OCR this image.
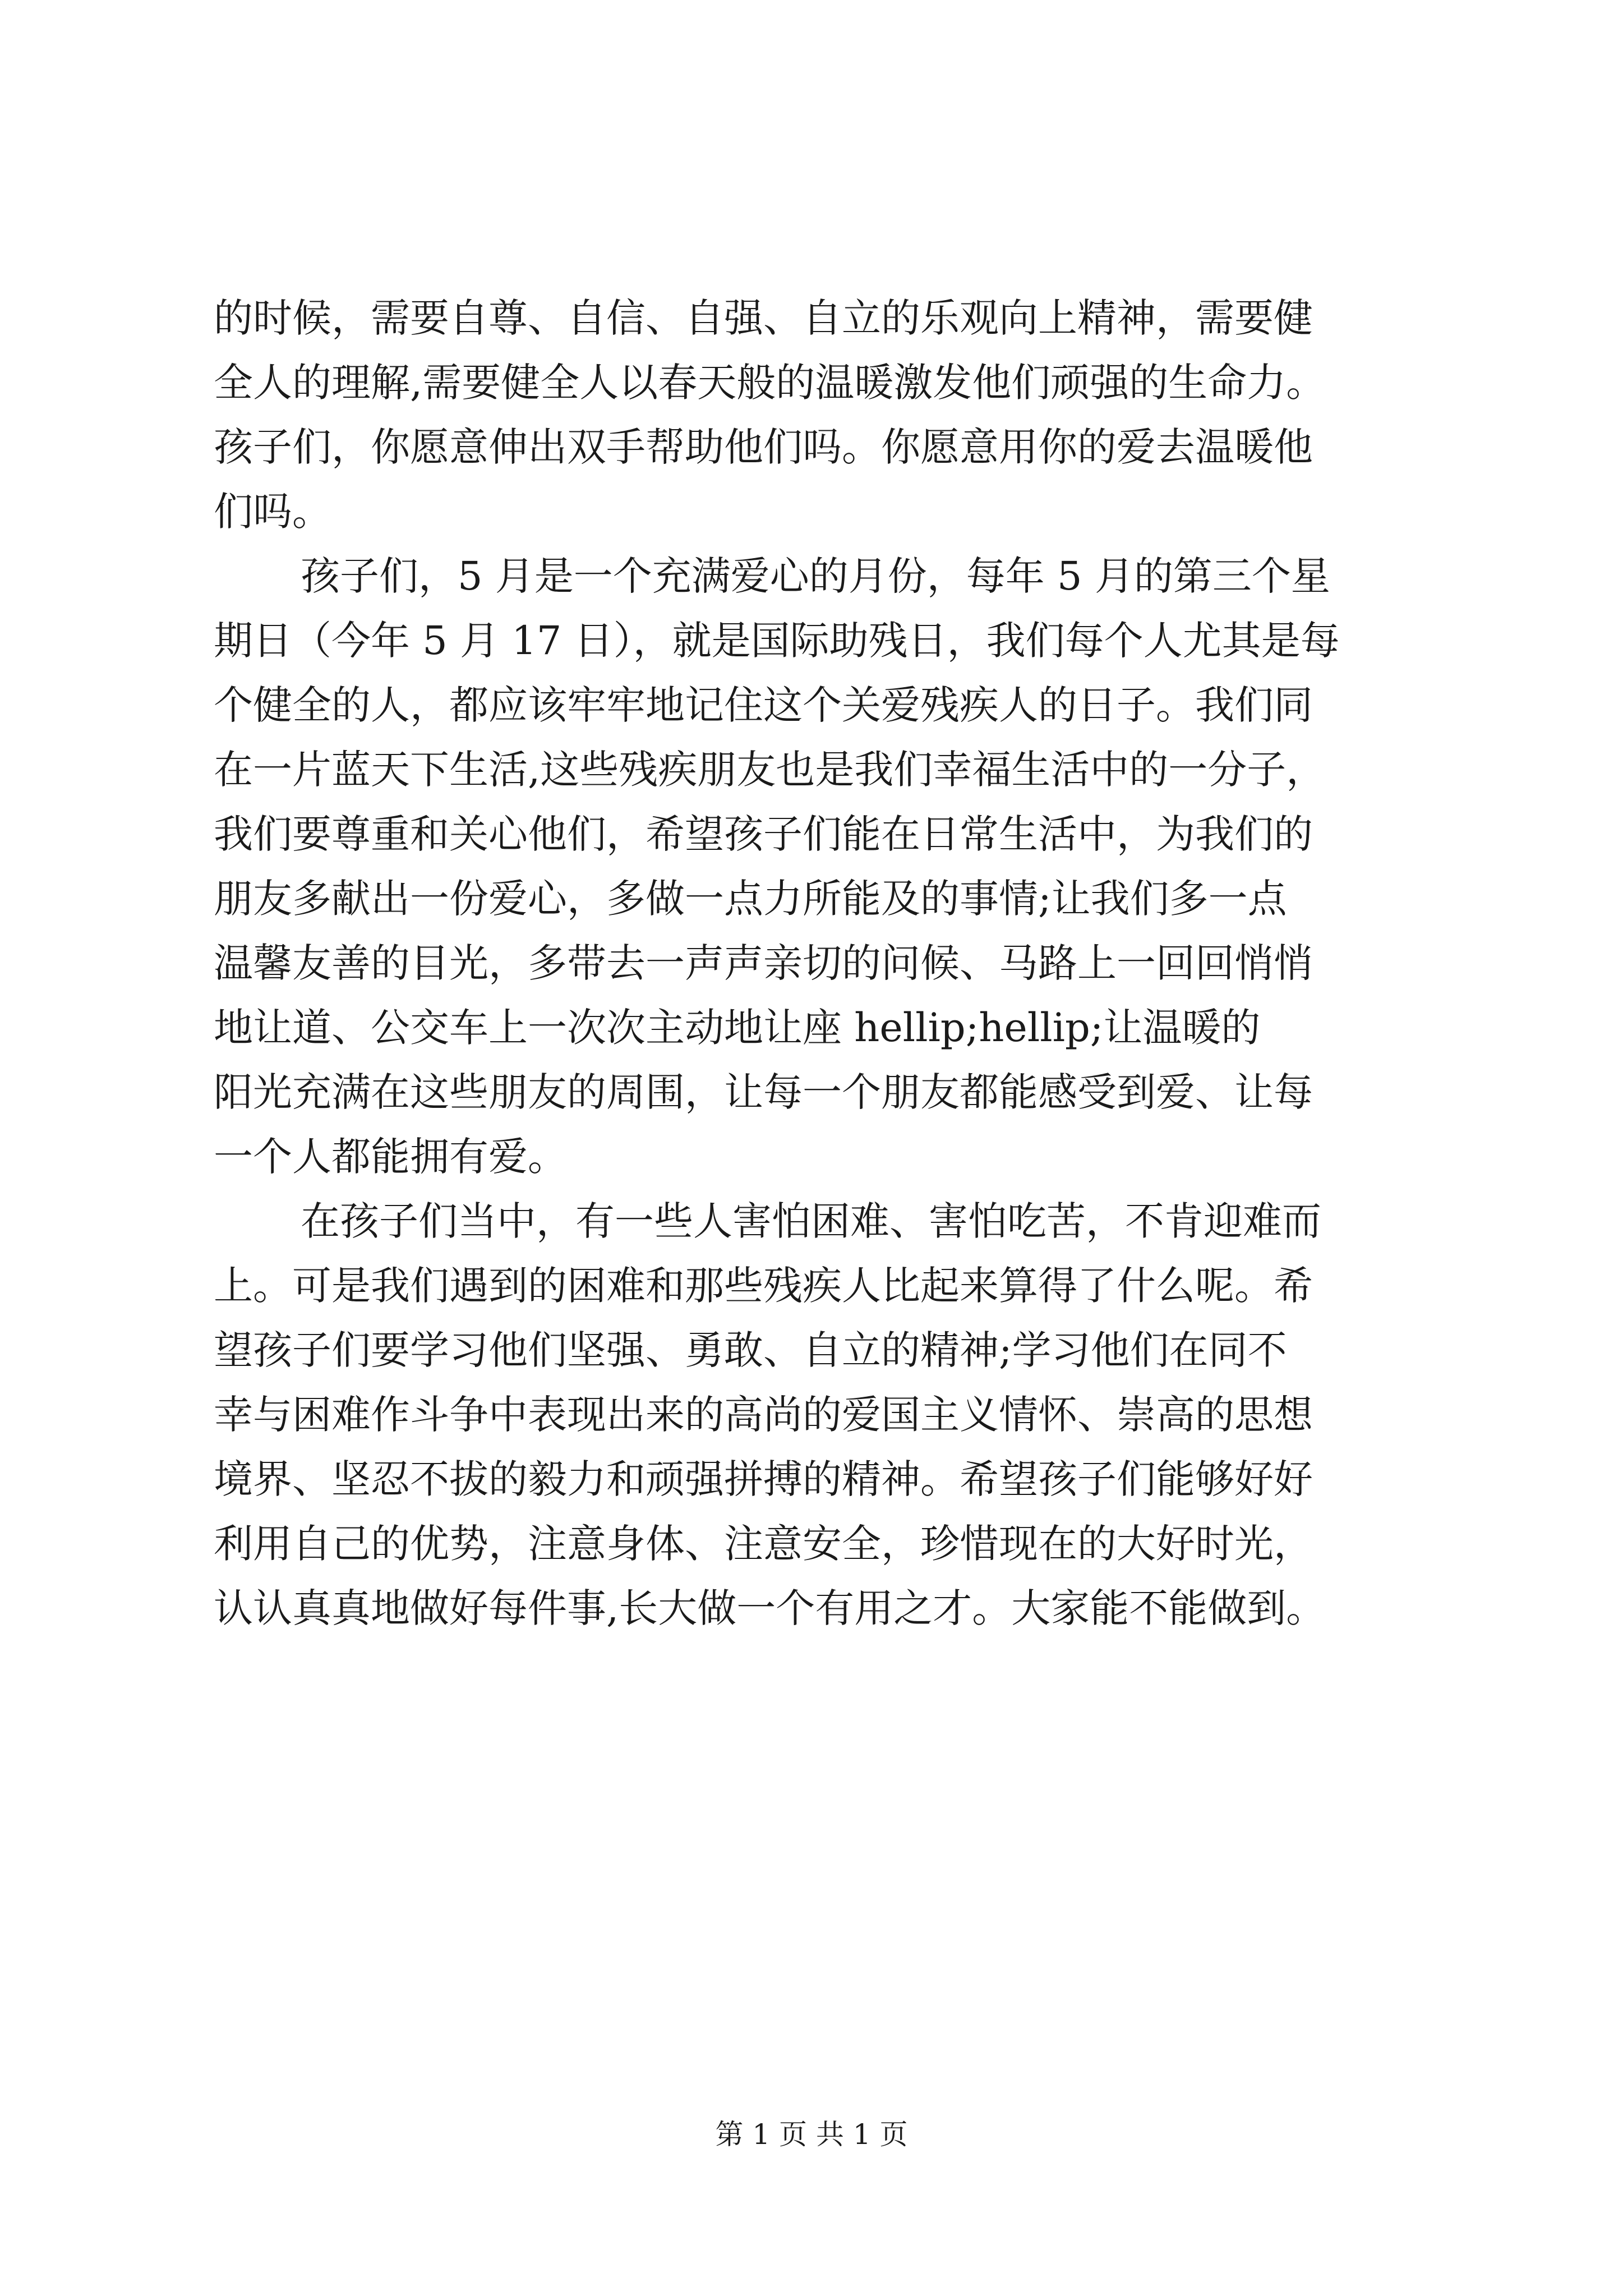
的时候，需要自尊、自信、自强、自立的乐观向上精神，需要健
全人的理解,需要健全人以春天般的温暖激发他们顽强的生命力。
孩子们，你愿意伸出双手帮助他们吗。你愿意用你的爱去温暖他
们吗。
孩子们，5 月是一个充满爱心的月份，每年 5 月的第三个星
期日（今年 5 月 17 日），就是国际助残日，我们每个人尤其是每
个健全的人，都应该牢牢地记住这个关爱残疾人的日子。我们同
在一片蓝天下生活,这些残疾朋友也是我们幸福生活中的一分子，
我们要尊重和关心他们，希望孩子们能在日常生活中，为我们的
朋友多献出一份爱心，多做一点力所能及的事情;让我们多一点
温馨友善的目光，多带去一声声亲切的问候、马路上一回回悄悄
地让道、公交车上一次次主动地让座 hellip;hellip;让温暖的
阳光充满在这些朋友的周围，让每一个朋友都能感受到爱、让每
一个人都能拥有爱。
在孩子们当中，有一些人害怕困难、害怕吃苦，不肯迎难而
上。可是我们遇到的困难和那些残疾人比起来算得了什么呢。希
望孩子们要学习他们坚强、勇敢、自立的精神;学习他们在同不
幸与困难作斗争中表现出来的高尚的爱国主义情怀、崇高的思想
境界、坚忍不拔的毅力和顽强拼搏的精神。希望孩子们能够好好
利用自己的优势，注意身体、注意安全，珍惜现在的大好时光，
认认真真地做好每件事,长大做一个有用之才。大家能不能做到。
第 1 页 共 1 页
